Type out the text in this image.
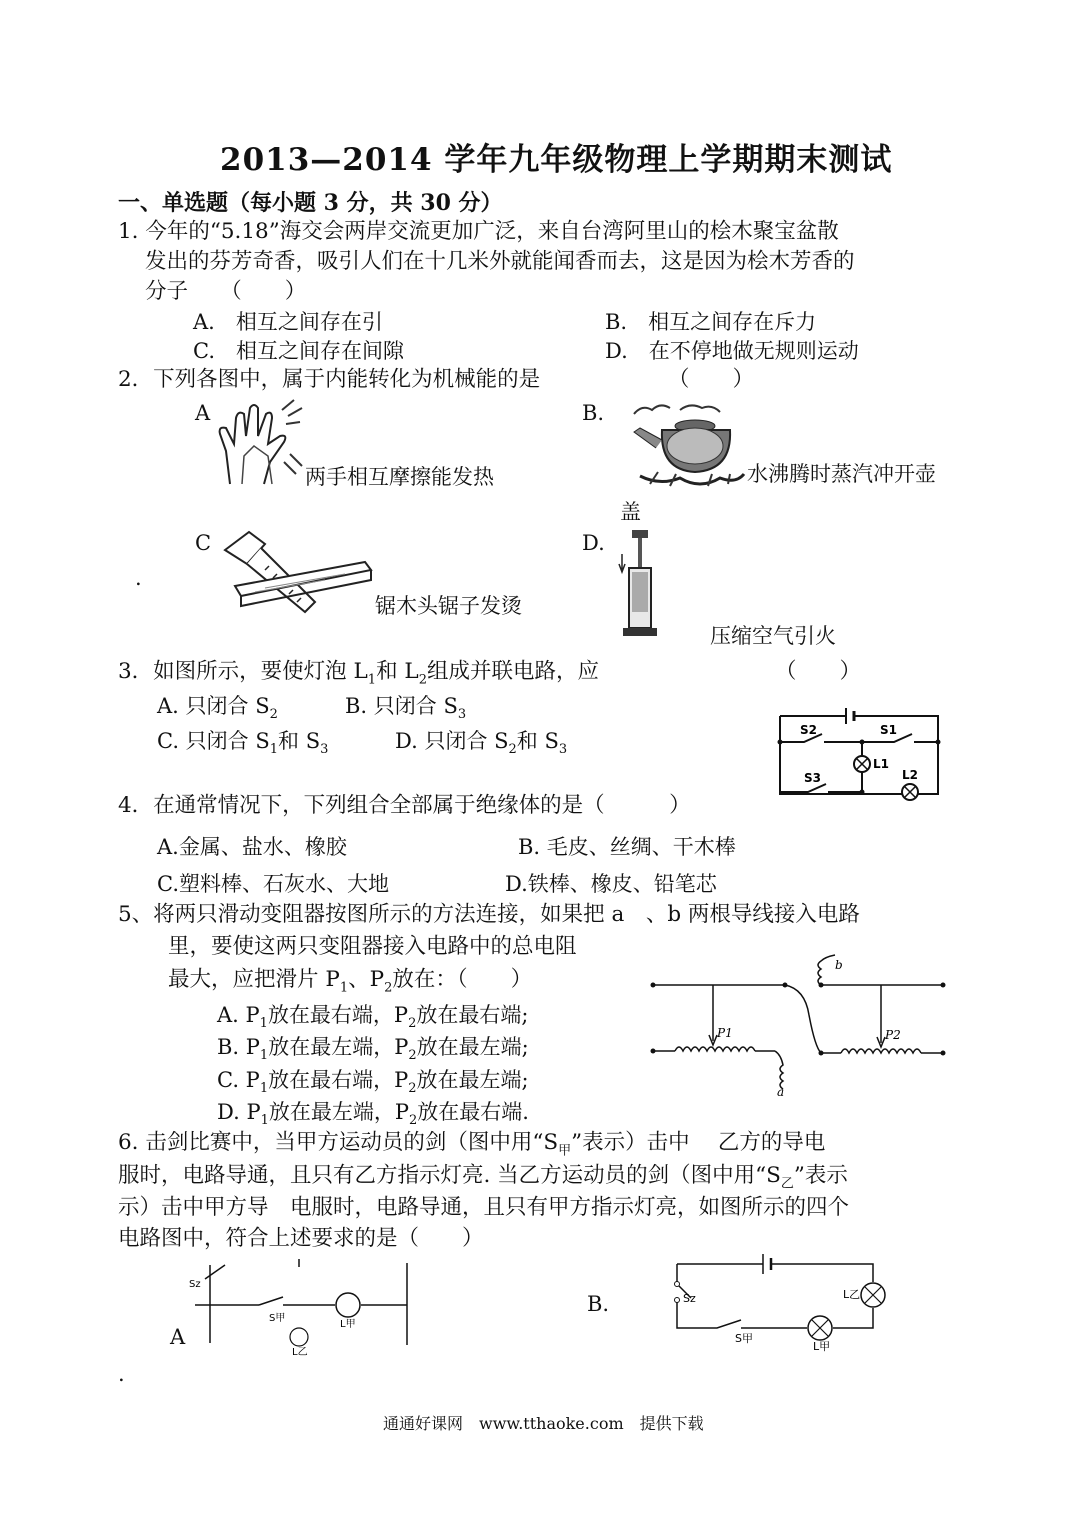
2013—2014 学年九年级物理上学期期末测试
一、单选题（每小题 3 分，共 30 分）
1. 今年的“5.18”海交会两岸交流更加广泛，来自台湾阿里山的桧木聚宝盆散
发出的芬芳奇香，吸引人们在十几米外就能闻香而去，这是因为桧木芳香的
分子　　（　　）
A.　相互之间存在引	B.　相互之间存在斥力
C.　相互之间存在间隙	D.　在不停地做无规则运动
2．下列各图中，属于内能转化为机械能的是	（　　）
A
两手相互摩擦能发热
B.
水沸腾时蒸汽冲开壶
盖
C
.
锯木头锯子发烫
D.
压缩空气引火
3．如图所示，要使灯泡 $L_1$和 $L_2$组成并联电路，应	（　　）
A. 只闭合 $S_2$	B. 只闭合 $S_3$
C. 只闭合 $S_1$和 $S_3$	D. 只闭合 $S_2$和 $S_3$
S2	S1
S3
L1
L2
4．在通常情况下，下列组合全部属于绝缘体的是（　　　）
A.金属、盐水、橡胶	B. 毛皮、丝绸、干木棒
C.塑料棒、石灰水、大地	D.铁棒、橡皮、铅笔芯
5、将两只滑动变阻器按图所示的方法连接，如果把 a　、b 两根导线接入电路
里，要使这两只变阻器接入电路中的总电阻
最大，应把滑片 $P_1$、$P_2$放在：（　　）
A. $P_1$放在最右端，$P_2$放在最右端;
B. $P_1$放在最左端，$P_2$放在最左端;
C. $P_1$放在最右端，$P_2$放在最左端;
D. $P_1$放在最左端，$P_2$放在最右端.
P1	P2
a
b
6. 击剑比赛中，当甲方运动员的剑（图中用“$S_甲$”表示）击中　 乙方的导电
服时，电路导通，且只有乙方指示灯亮. 当乙方运动员的剑（图中用“$S_乙$”表示
示）击中甲方导　电服时，电路导通，且只有甲方指示灯亮，如图所示的四个
电路图中，符合上述要求的是（　　）
Sz
S甲
L甲
L乙
A
.
B.	Sz
S甲
L乙
L甲
通通好课网　www.tthaoke.com　提供下载
